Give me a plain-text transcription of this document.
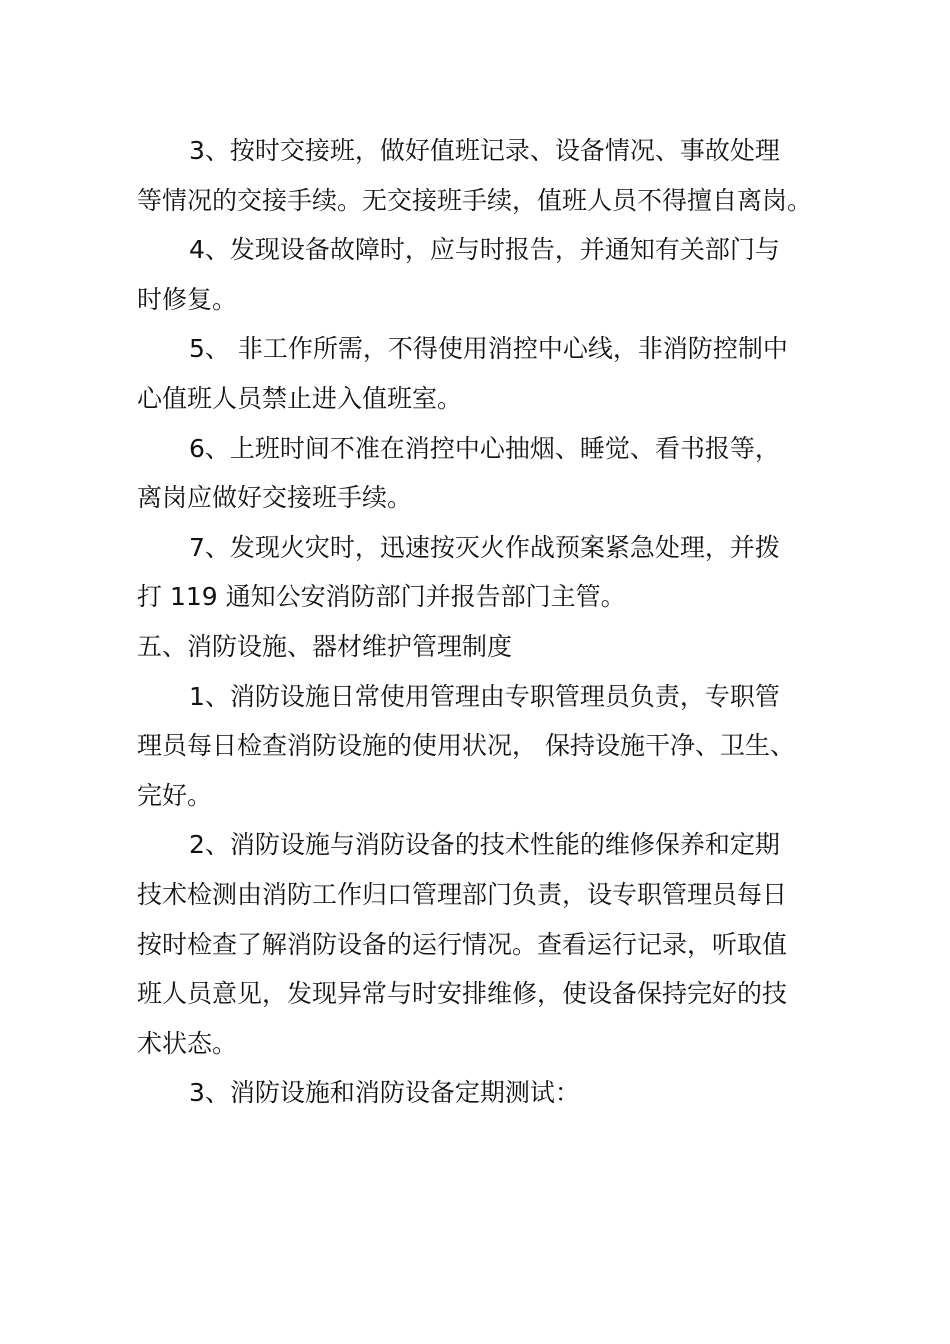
3、按时交接班，做好值班记录、设备情况、事故处理
等情况的交接手续。无交接班手续，值班人员不得擅自离岗。
4、发现设备故障时，应与时报告，并通知有关部门与
时修复。
5、 非工作所需，不得使用消控中心线，非消防控制中
心值班人员禁止进入值班室。
6、上班时间不准在消控中心抽烟、睡觉、看书报等，
离岗应做好交接班手续。
7、发现火灾时，迅速按灭火作战预案紧急处理，并拨
打 119 通知公安消防部门并报告部门主管。
五、消防设施、器材维护管理制度
1、消防设施日常使用管理由专职管理员负责，专职管
理员每日检查消防设施的使用状况， 保持设施干净、卫生、
完好。
2、消防设施与消防设备的技术性能的维修保养和定期
技术检测由消防工作归口管理部门负责，设专职管理员每日
按时检查了解消防设备的运行情况。查看运行记录，听取值
班人员意见，发现异常与时安排维修，使设备保持完好的技
术状态。
3、消防设施和消防设备定期测试：
